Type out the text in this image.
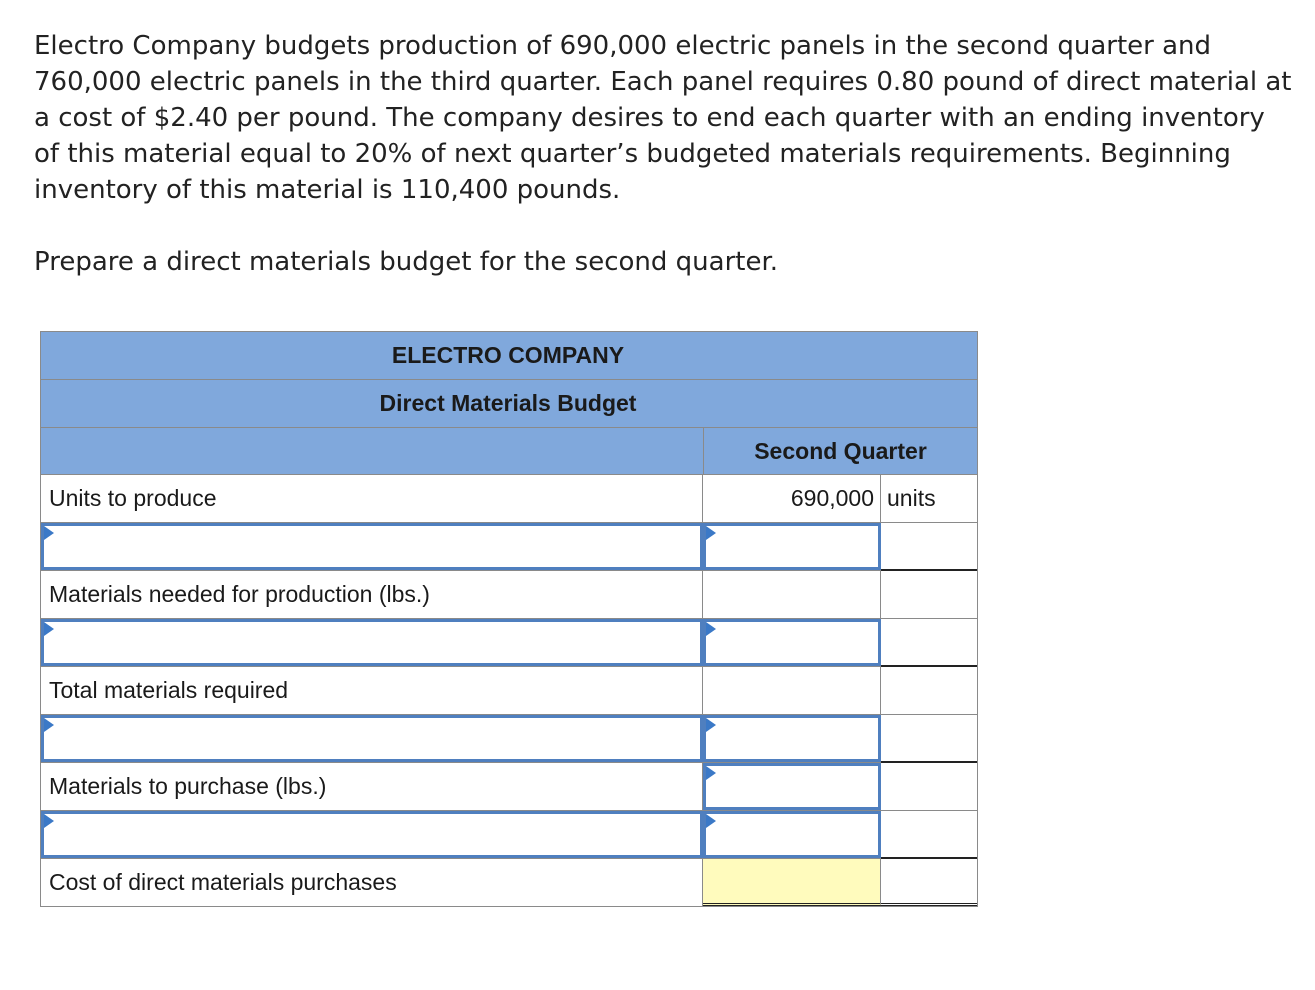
Electro Company budgets production of 690,000 electric panels in the second quarter and 760,000 electric panels in the third quarter. Each panel requires 0.80 pound of direct material at a cost of $2.40 per pound. The company desires to end each quarter with an ending inventory of this material equal to 20% of next quarter’s budgeted materials requirements. Beginning inventory of this material is 110,400 pounds.

Prepare a direct materials budget for the second quarter.

ELECTRO COMPANY
Direct Materials Budget
Second Quarter
Units to produce	690,000 units
Materials needed for production (lbs.)
Total materials required
Materials to purchase (lbs.)
Cost of direct materials purchases
